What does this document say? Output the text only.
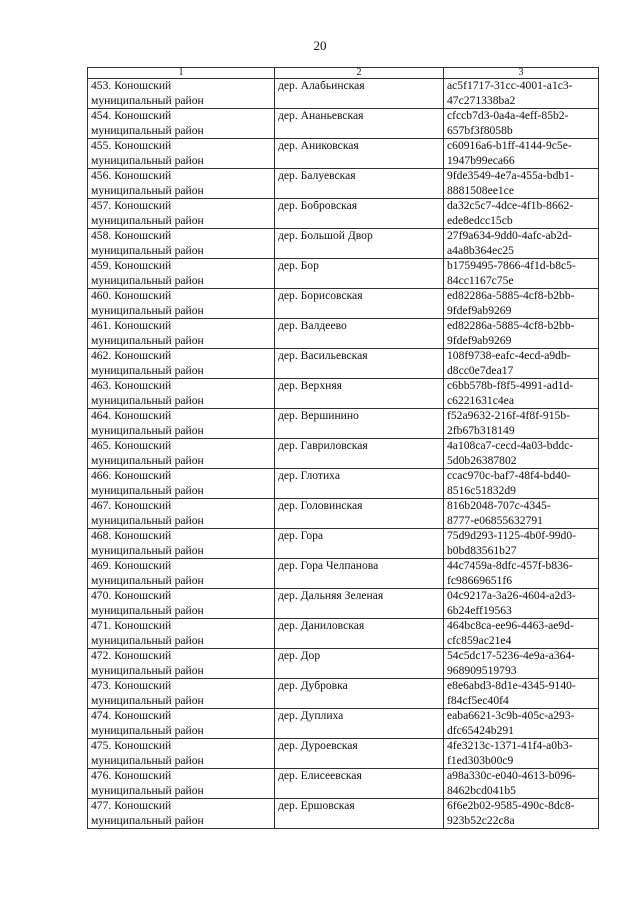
20
1	2	3

453. Коношский
муниципальный район	дер. Алабьинская	ac5f1717-31cc-4001-a1c3-
47c271338ba2

454. Коношский
муниципальный район	дер. Ананьевская	cfccb7d3-0a4a-4eff-85b2-
657bf3f8058b

455. Коношский
муниципальный район	дер. Аниковская	c60916a6-b1ff-4144-9c5e-
1947b99eca66

456. Коношский
муниципальный район	дер. Балуевская	9fde3549-4e7a-455a-bdb1-
8881508ee1ce

457. Коношский
муниципальный район	дер. Бобровская	da32c5c7-4dce-4f1b-8662-
ede8edcc15cb

458. Коношский
муниципальный район	дер. Большой Двор	27f9a634-9dd0-4afc-ab2d-
a4a8b364ec25

459. Коношский
муниципальный район	дер. Бор	b1759495-7866-4f1d-b8c5-
84cc1167c75e

460. Коношский
муниципальный район	дер. Борисовская	ed82286a-5885-4cf8-b2bb-
9fdef9ab9269

461. Коношский
муниципальный район	дер. Валдеево	ed82286a-5885-4cf8-b2bb-
9fdef9ab9269

462. Коношский
муниципальный район	дер. Васильевская	108f9738-eafc-4ecd-a9db-
d8cc0e7dea17

463. Коношский
муниципальный район	дер. Верхняя	c6bb578b-f8f5-4991-ad1d-
c6221631c4ea

464. Коношский
муниципальный район	дер. Вершинино	f52a9632-216f-4f8f-915b-
2fb67b318149

465. Коношский
муниципальный район	дер. Гавриловская	4a108ca7-cecd-4a03-bddc-
5d0b26387802

466. Коношский
муниципальный район	дер. Глотиха	ccac970c-baf7-48f4-bd40-
8516c51832d9

467. Коношский
муниципальный район	дер. Головинская	816b2048-707c-4345-
8777-e06855632791

468. Коношский
муниципальный район	дер. Гора	75d9d293-1125-4b0f-99d0-
b0bd83561b27

469. Коношский
муниципальный район	дер. Гора Челпанова	44c7459a-8dfc-457f-b836-
fc98669651f6

470. Коношский
муниципальный район	дер. Дальняя Зеленая	04c9217a-3a26-4604-a2d3-
6b24eff19563

471. Коношский
муниципальный район	дер. Даниловская	464bc8ca-ee96-4463-ae9d-
cfc859ac21e4

472. Коношский
муниципальный район	дер. Дор	54c5dc17-5236-4e9a-a364-
968909519793

473. Коношский
муниципальный район	дер. Дубровка	e8e6abd3-8d1e-4345-9140-
f84cf5ec40f4

474. Коношский
муниципальный район	дер. Дуплиха	eaba6621-3c9b-405c-a293-
dfc65424b291

475. Коношский
муниципальный район	дер. Дуроевская	4fe3213c-1371-41f4-a0b3-
f1ed303b00c9

476. Коношский
муниципальный район	дер. Елисеевская	a98a330c-e040-4613-b096-
8462bcd041b5

477. Коношский
муниципальный район	дер. Ершовская	6f6e2b02-9585-490c-8dc8-
923b52c22c8a
